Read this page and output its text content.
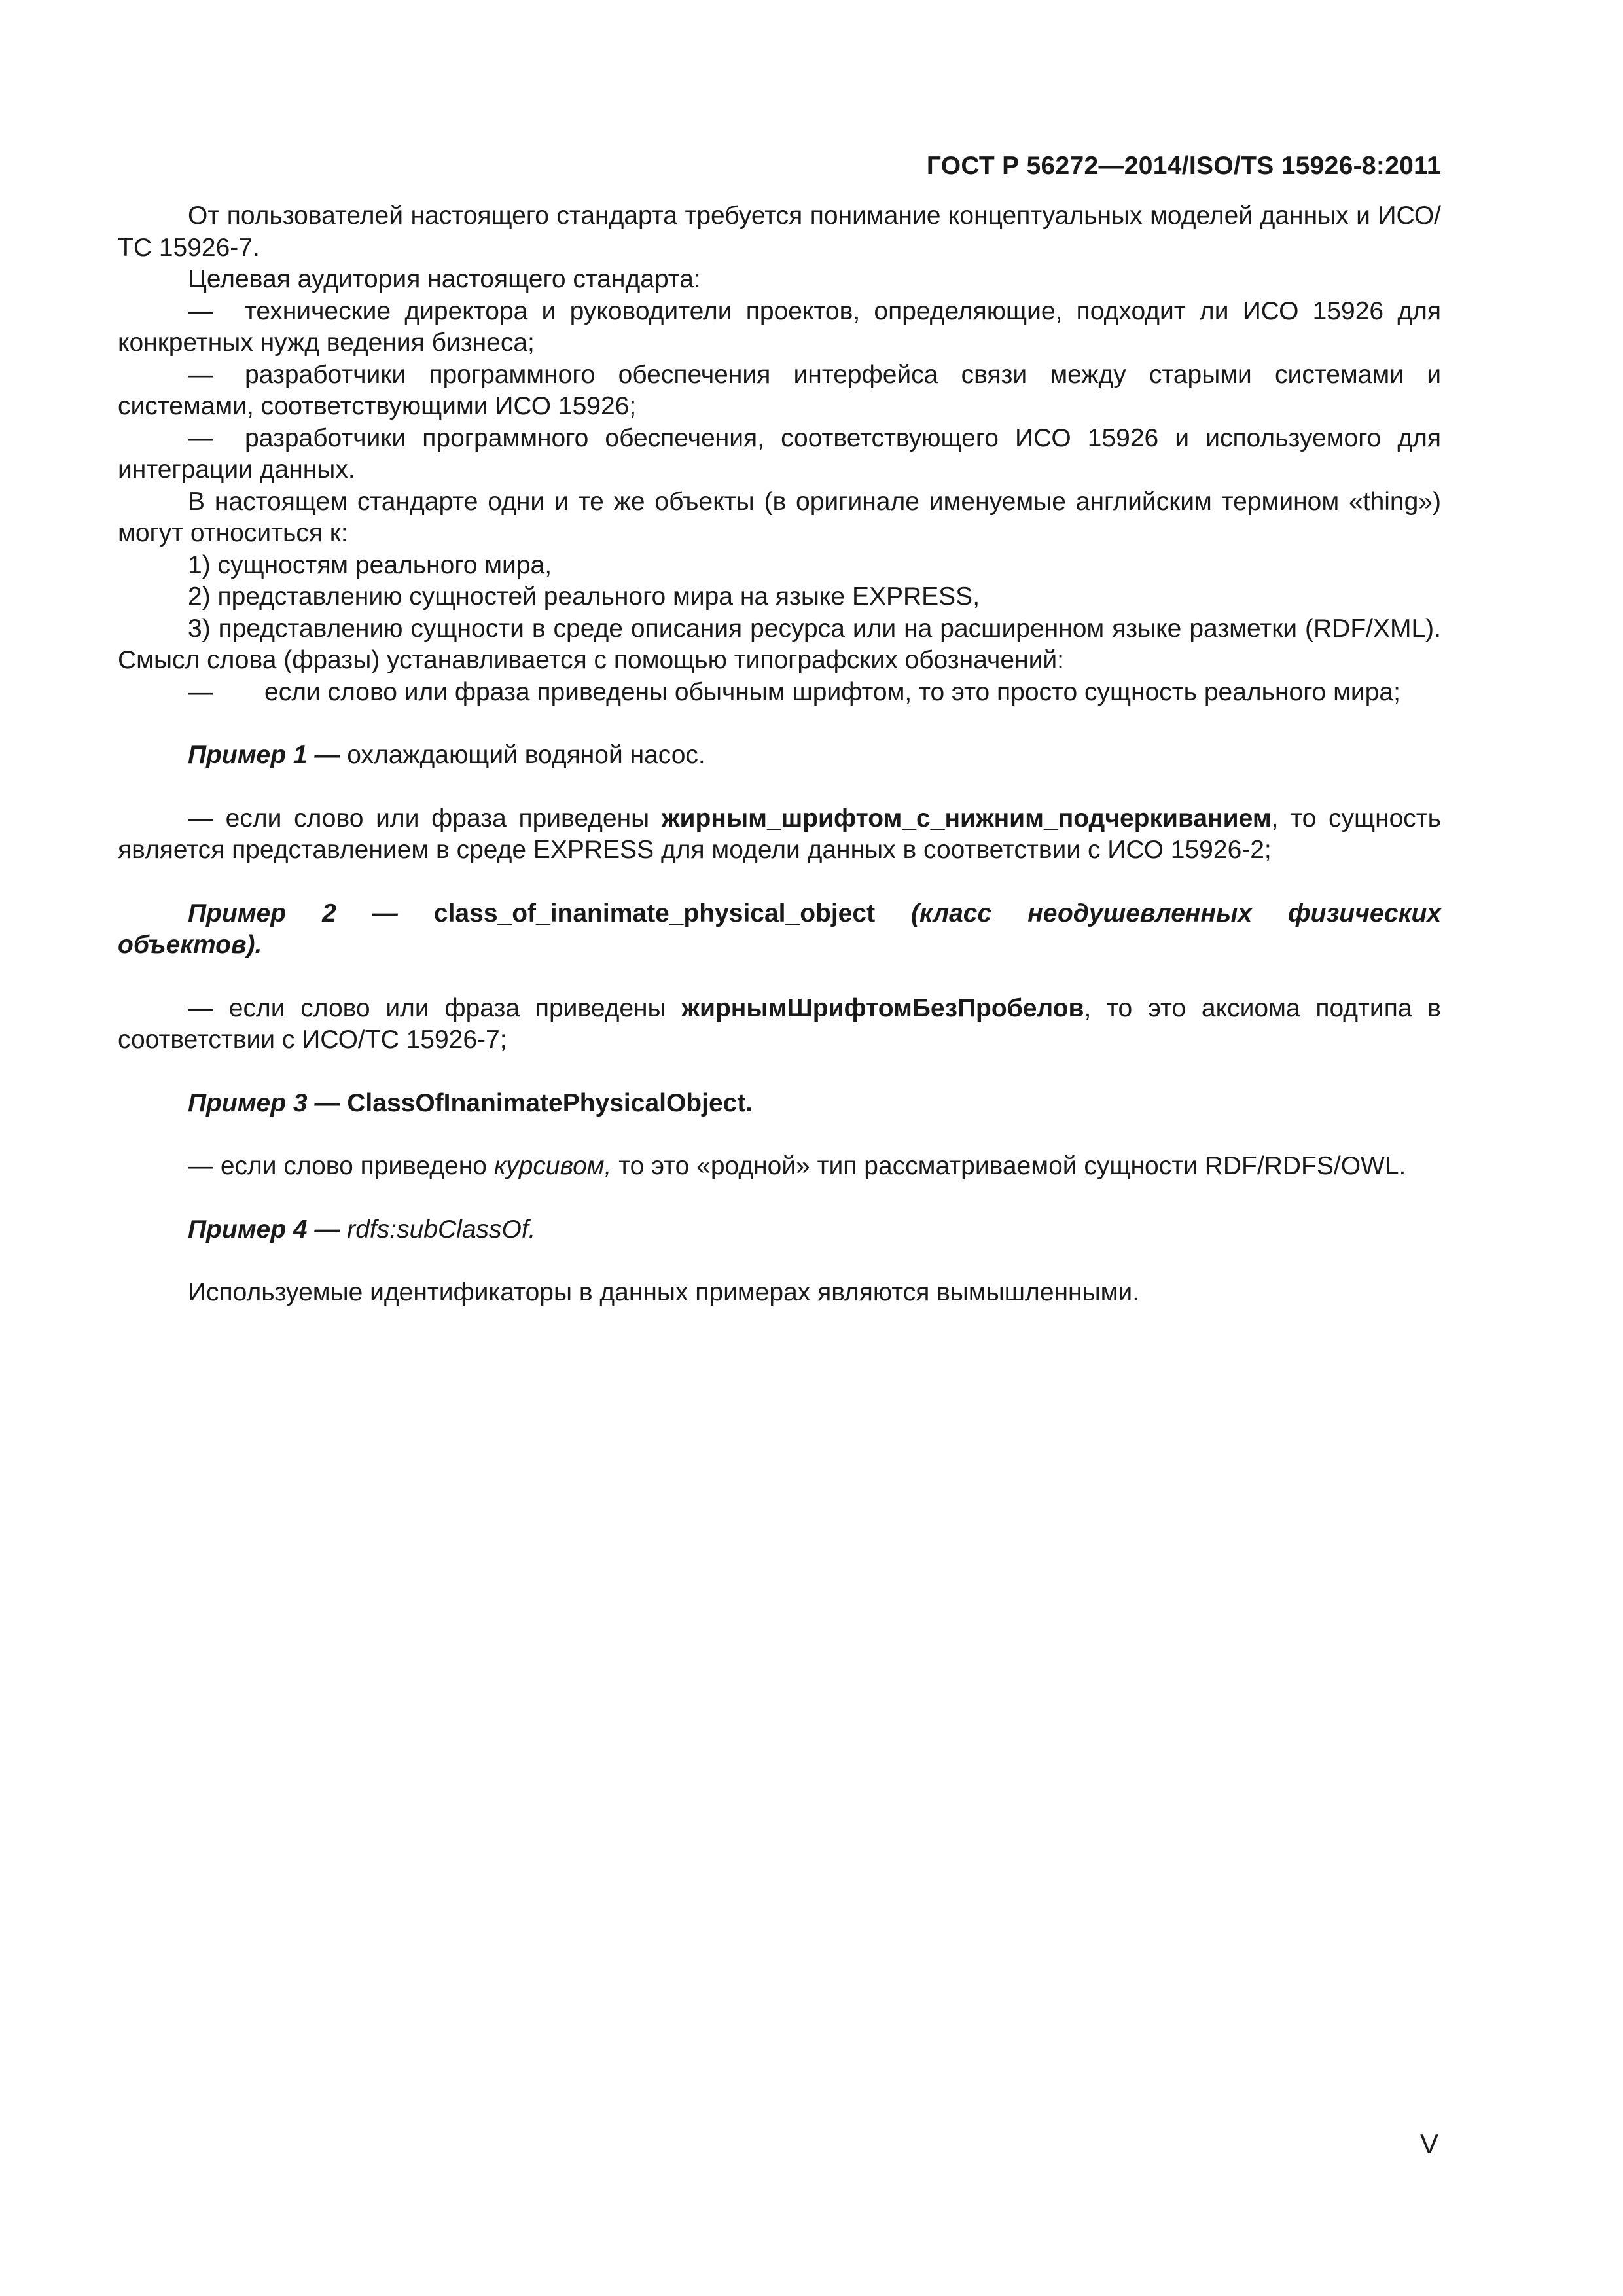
ГОСТ Р 56272—2014/ISO/TS 15926-8:2011

От пользователей настоящего стандарта требуется понимание концептуальных моделей данных и ИСО/ТС 15926-7.

Целевая аудитория настоящего стандарта:

— технические директора и руководители проектов, определяющие, подходит ли ИСО 15926 для конкретных нужд ведения бизнеса;

— разработчики программного обеспечения интерфейса связи между старыми системами и системами, соответствующими ИСО 15926;

— разработчики программного обеспечения, соответствующего ИСО 15926 и используемого для интеграции данных.

В настоящем стандарте одни и те же объекты (в оригинале именуемые английским термином «thing») могут относиться к:

1) сущностям реального мира,

2) представлению сущностей реального мира на языке EXPRESS,

3) представлению сущности в среде описания ресурса или на расширенном языке разметки (RDF/XML). Смысл слова (фразы) устанавливается с помощью типографских обозначений:

— если слово или фраза приведены обычным шрифтом, то это просто сущность реального мира;

Пример 1 — охлаждающий водяной насос.

— если слово или фраза приведены жирным_шрифтом_с_нижним_подчеркиванием, то сущность является представлением в среде EXPRESS для модели данных в соответствии с ИСО 15926-2;

Пример 2 — class_of_inanimate_physical_object (класс неодушевленных физических

объектов).

— если слово или фраза приведены жирнымШрифтомБезПробелов, то это аксиома подтипа в соответствии с ИСО/ТС 15926-7;

Пример 3 — ClassOfInanimatePhysicalObject.

— если слово приведено курсивом, то это «родной» тип рассматриваемой сущности RDF/RDFS/OWL.

Пример 4 — rdfs:subClassOf.

Используемые идентификаторы в данных примерах являются вымышленными.

V
